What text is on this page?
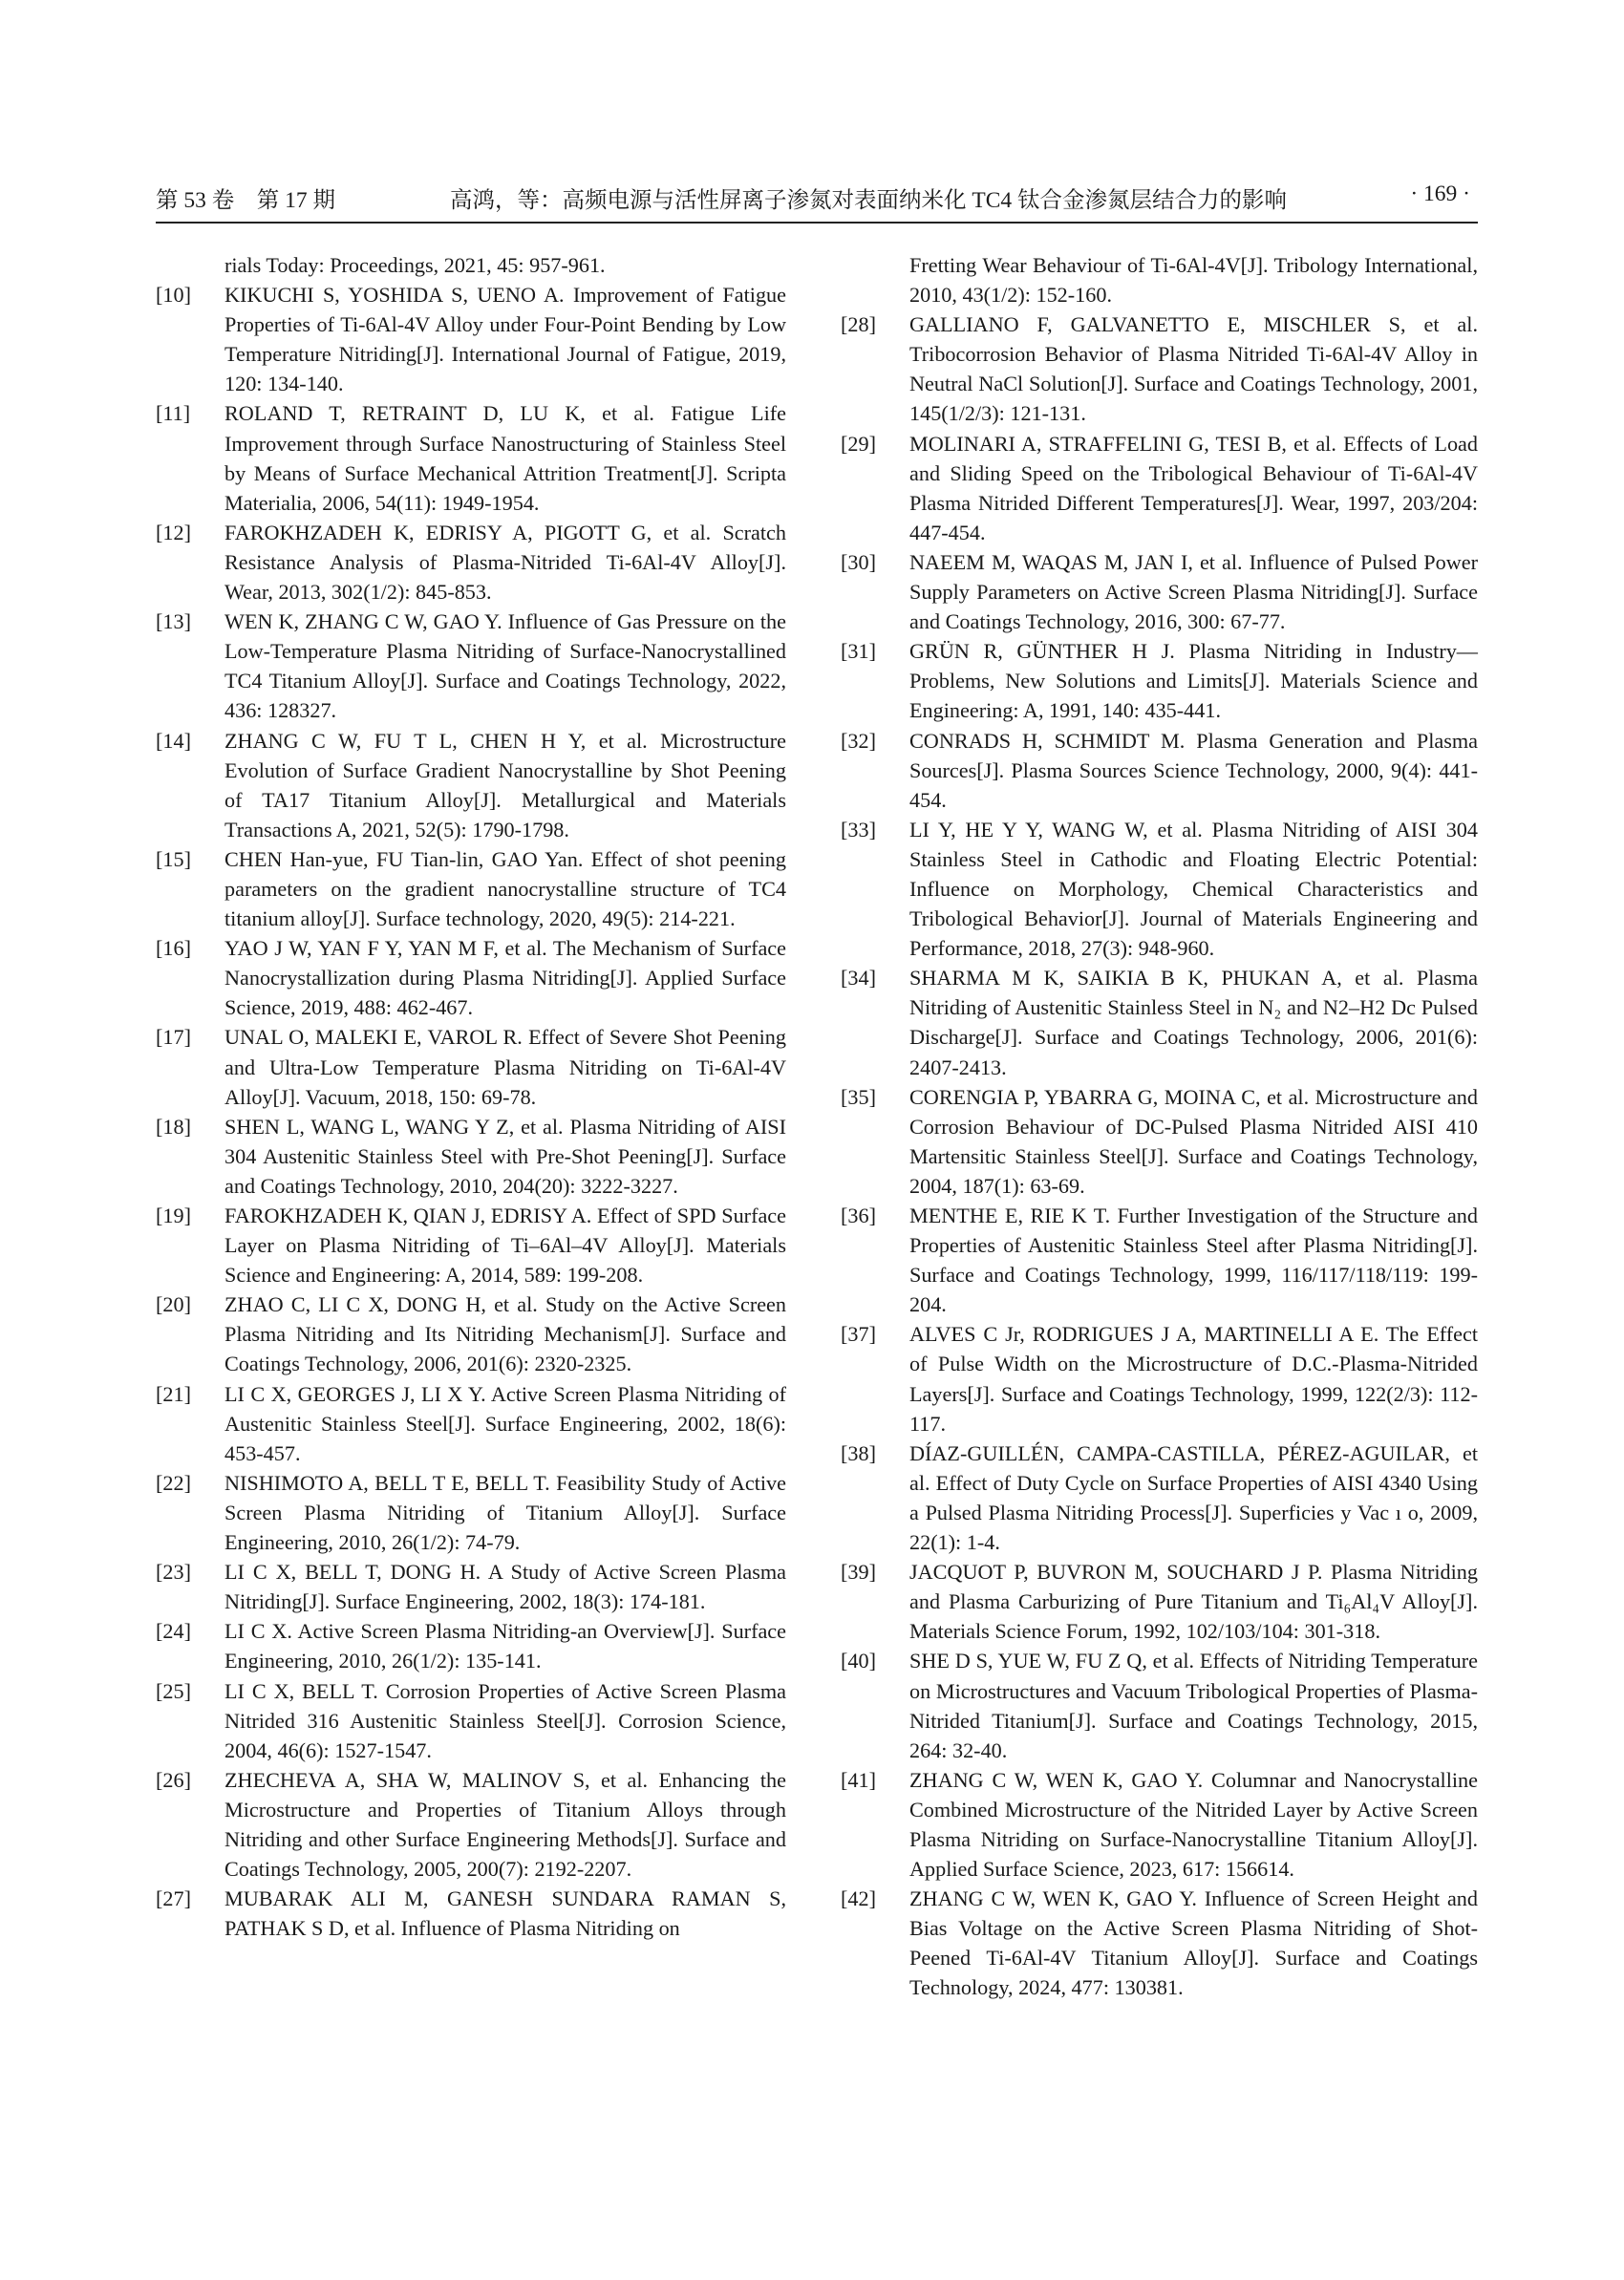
第 53 卷　第 17 期	高鸿，等：高频电源与活性屏离子渗氮对表面纳米化 TC4 钛合金渗氮层结合力的影响	· 169 ·
rials Today: Proceedings, 2021, 45: 957-961.
[10] KIKUCHI S, YOSHIDA S, UENO A. Improvement of Fatigue Properties of Ti-6Al-4V Alloy under Four-Point Bending by Low Temperature Nitriding[J]. International Journal of Fatigue, 2019, 120: 134-140.
[11] ROLAND T, RETRAINT D, LU K, et al. Fatigue Life Improvement through Surface Nanostructuring of Stainless Steel by Means of Surface Mechanical Attrition Treatment[J]. Scripta Materialia, 2006, 54(11): 1949-1954.
[12] FAROKHZADEH K, EDRISY A, PIGOTT G, et al. Scratch Resistance Analysis of Plasma-Nitrided Ti-6Al-4V Alloy[J]. Wear, 2013, 302(1/2): 845-853.
[13] WEN K, ZHANG C W, GAO Y. Influence of Gas Pressure on the Low-Temperature Plasma Nitriding of Surface-Nanocrystallined TC4 Titanium Alloy[J]. Surface and Coatings Technology, 2022, 436: 128327.
[14] ZHANG C W, FU T L, CHEN H Y, et al. Microstructure Evolution of Surface Gradient Nanocrystalline by Shot Peening of TA17 Titanium Alloy[J]. Metallurgical and Materials Transactions A, 2021, 52(5): 1790-1798.
[15] CHEN Han-yue, FU Tian-lin, GAO Yan. Effect of shot peening parameters on the gradient nanocrystalline structure of TC4 titanium alloy[J]. Surface technology, 2020, 49(5): 214-221.
[16] YAO J W, YAN F Y, YAN M F, et al. The Mechanism of Surface Nanocrystallization during Plasma Nitriding[J]. Applied Surface Science, 2019, 488: 462-467.
[17] UNAL O, MALEKI E, VAROL R. Effect of Severe Shot Peening and Ultra-Low Temperature Plasma Nitriding on Ti-6Al-4V Alloy[J]. Vacuum, 2018, 150: 69-78.
[18] SHEN L, WANG L, WANG Y Z, et al. Plasma Nitriding of AISI 304 Austenitic Stainless Steel with Pre-Shot Peening[J]. Surface and Coatings Technology, 2010, 204(20): 3222-3227.
[19] FAROKHZADEH K, QIAN J, EDRISY A. Effect of SPD Surface Layer on Plasma Nitriding of Ti–6Al–4V Alloy[J]. Materials Science and Engineering: A, 2014, 589: 199-208.
[20] ZHAO C, LI C X, DONG H, et al. Study on the Active Screen Plasma Nitriding and Its Nitriding Mechanism[J]. Surface and Coatings Technology, 2006, 201(6): 2320-2325.
[21] LI C X, GEORGES J, LI X Y. Active Screen Plasma Nitriding of Austenitic Stainless Steel[J]. Surface Engineering, 2002, 18(6): 453-457.
[22] NISHIMOTO A, BELL T E, BELL T. Feasibility Study of Active Screen Plasma Nitriding of Titanium Alloy[J]. Surface Engineering, 2010, 26(1/2): 74-79.
[23] LI C X, BELL T, DONG H. A Study of Active Screen Plasma Nitriding[J]. Surface Engineering, 2002, 18(3): 174-181.
[24] LI C X. Active Screen Plasma Nitriding-an Overview[J]. Surface Engineering, 2010, 26(1/2): 135-141.
[25] LI C X, BELL T. Corrosion Properties of Active Screen Plasma Nitrided 316 Austenitic Stainless Steel[J]. Corrosion Science, 2004, 46(6): 1527-1547.
[26] ZHECHEVA A, SHA W, MALINOV S, et al. Enhancing the Microstructure and Properties of Titanium Alloys through Nitriding and other Surface Engineering Methods[J]. Surface and Coatings Technology, 2005, 200(7): 2192-2207.
[27] MUBARAK ALI M, GANESH SUNDARA RAMAN S, PATHAK S D, et al. Influence of Plasma Nitriding on
Fretting Wear Behaviour of Ti-6Al-4V[J]. Tribology International, 2010, 43(1/2): 152-160.
[28] GALLIANO F, GALVANETTO E, MISCHLER S, et al. Tribocorrosion Behavior of Plasma Nitrided Ti-6Al-4V Alloy in Neutral NaCl Solution[J]. Surface and Coatings Technology, 2001, 145(1/2/3): 121-131.
[29] MOLINARI A, STRAFFELINI G, TESI B, et al. Effects of Load and Sliding Speed on the Tribological Behaviour of Ti-6Al-4V Plasma Nitrided Different Temperatures[J]. Wear, 1997, 203/204: 447-454.
[30] NAEEM M, WAQAS M, JAN I, et al. Influence of Pulsed Power Supply Parameters on Active Screen Plasma Nitriding[J]. Surface and Coatings Technology, 2016, 300: 67-77.
[31] GRÜN R, GÜNTHER H J. Plasma Nitriding in Industry—Problems, New Solutions and Limits[J]. Materials Science and Engineering: A, 1991, 140: 435-441.
[32] CONRADS H, SCHMIDT M. Plasma Generation and Plasma Sources[J]. Plasma Sources Science Technology, 2000, 9(4): 441-454.
[33] LI Y, HE Y Y, WANG W, et al. Plasma Nitriding of AISI 304 Stainless Steel in Cathodic and Floating Electric Potential: Influence on Morphology, Chemical Characteristics and Tribological Behavior[J]. Journal of Materials Engineering and Performance, 2018, 27(3): 948-960.
[34] SHARMA M K, SAIKIA B K, PHUKAN A, et al. Plasma Nitriding of Austenitic Stainless Steel in N₂ and N2–H2 Dc Pulsed Discharge[J]. Surface and Coatings Technology, 2006, 201(6): 2407-2413.
[35] CORENGIA P, YBARRA G, MOINA C, et al. Microstructure and Corrosion Behaviour of DC-Pulsed Plasma Nitrided AISI 410 Martensitic Stainless Steel[J]. Surface and Coatings Technology, 2004, 187(1): 63-69.
[36] MENTHE E, RIE K T. Further Investigation of the Structure and Properties of Austenitic Stainless Steel after Plasma Nitriding[J]. Surface and Coatings Technology, 1999, 116/117/118/119: 199-204.
[37] ALVES C Jr, RODRIGUES J A, MARTINELLI A E. The Effect of Pulse Width on the Microstructure of D.C.-Plasma-Nitrided Layers[J]. Surface and Coatings Technology, 1999, 122(2/3): 112-117.
[38] DÍAZ-GUILLÉN, CAMPA-CASTILLA, PÉREZ-AGUILAR, et al. Effect of Duty Cycle on Surface Properties of AISI 4340 Using a Pulsed Plasma Nitriding Process[J]. Superficies y Vac ı o, 2009, 22(1): 1-4.
[39] JACQUOT P, BUVRON M, SOUCHARD J P. Plasma Nitriding and Plasma Carburizing of Pure Titanium and Ti₆Al₄V Alloy[J]. Materials Science Forum, 1992, 102/103/104: 301-318.
[40] SHE D S, YUE W, FU Z Q, et al. Effects of Nitriding Temperature on Microstructures and Vacuum Tribological Properties of Plasma-Nitrided Titanium[J]. Surface and Coatings Technology, 2015, 264: 32-40.
[41] ZHANG C W, WEN K, GAO Y. Columnar and Nanocrystalline Combined Microstructure of the Nitrided Layer by Active Screen Plasma Nitriding on Surface-Nanocrystalline Titanium Alloy[J]. Applied Surface Science, 2023, 617: 156614.
[42] ZHANG C W, WEN K, GAO Y. Influence of Screen Height and Bias Voltage on the Active Screen Plasma Nitriding of Shot-Peened Ti-6Al-4V Titanium Alloy[J]. Surface and Coatings Technology, 2024, 477: 130381.
